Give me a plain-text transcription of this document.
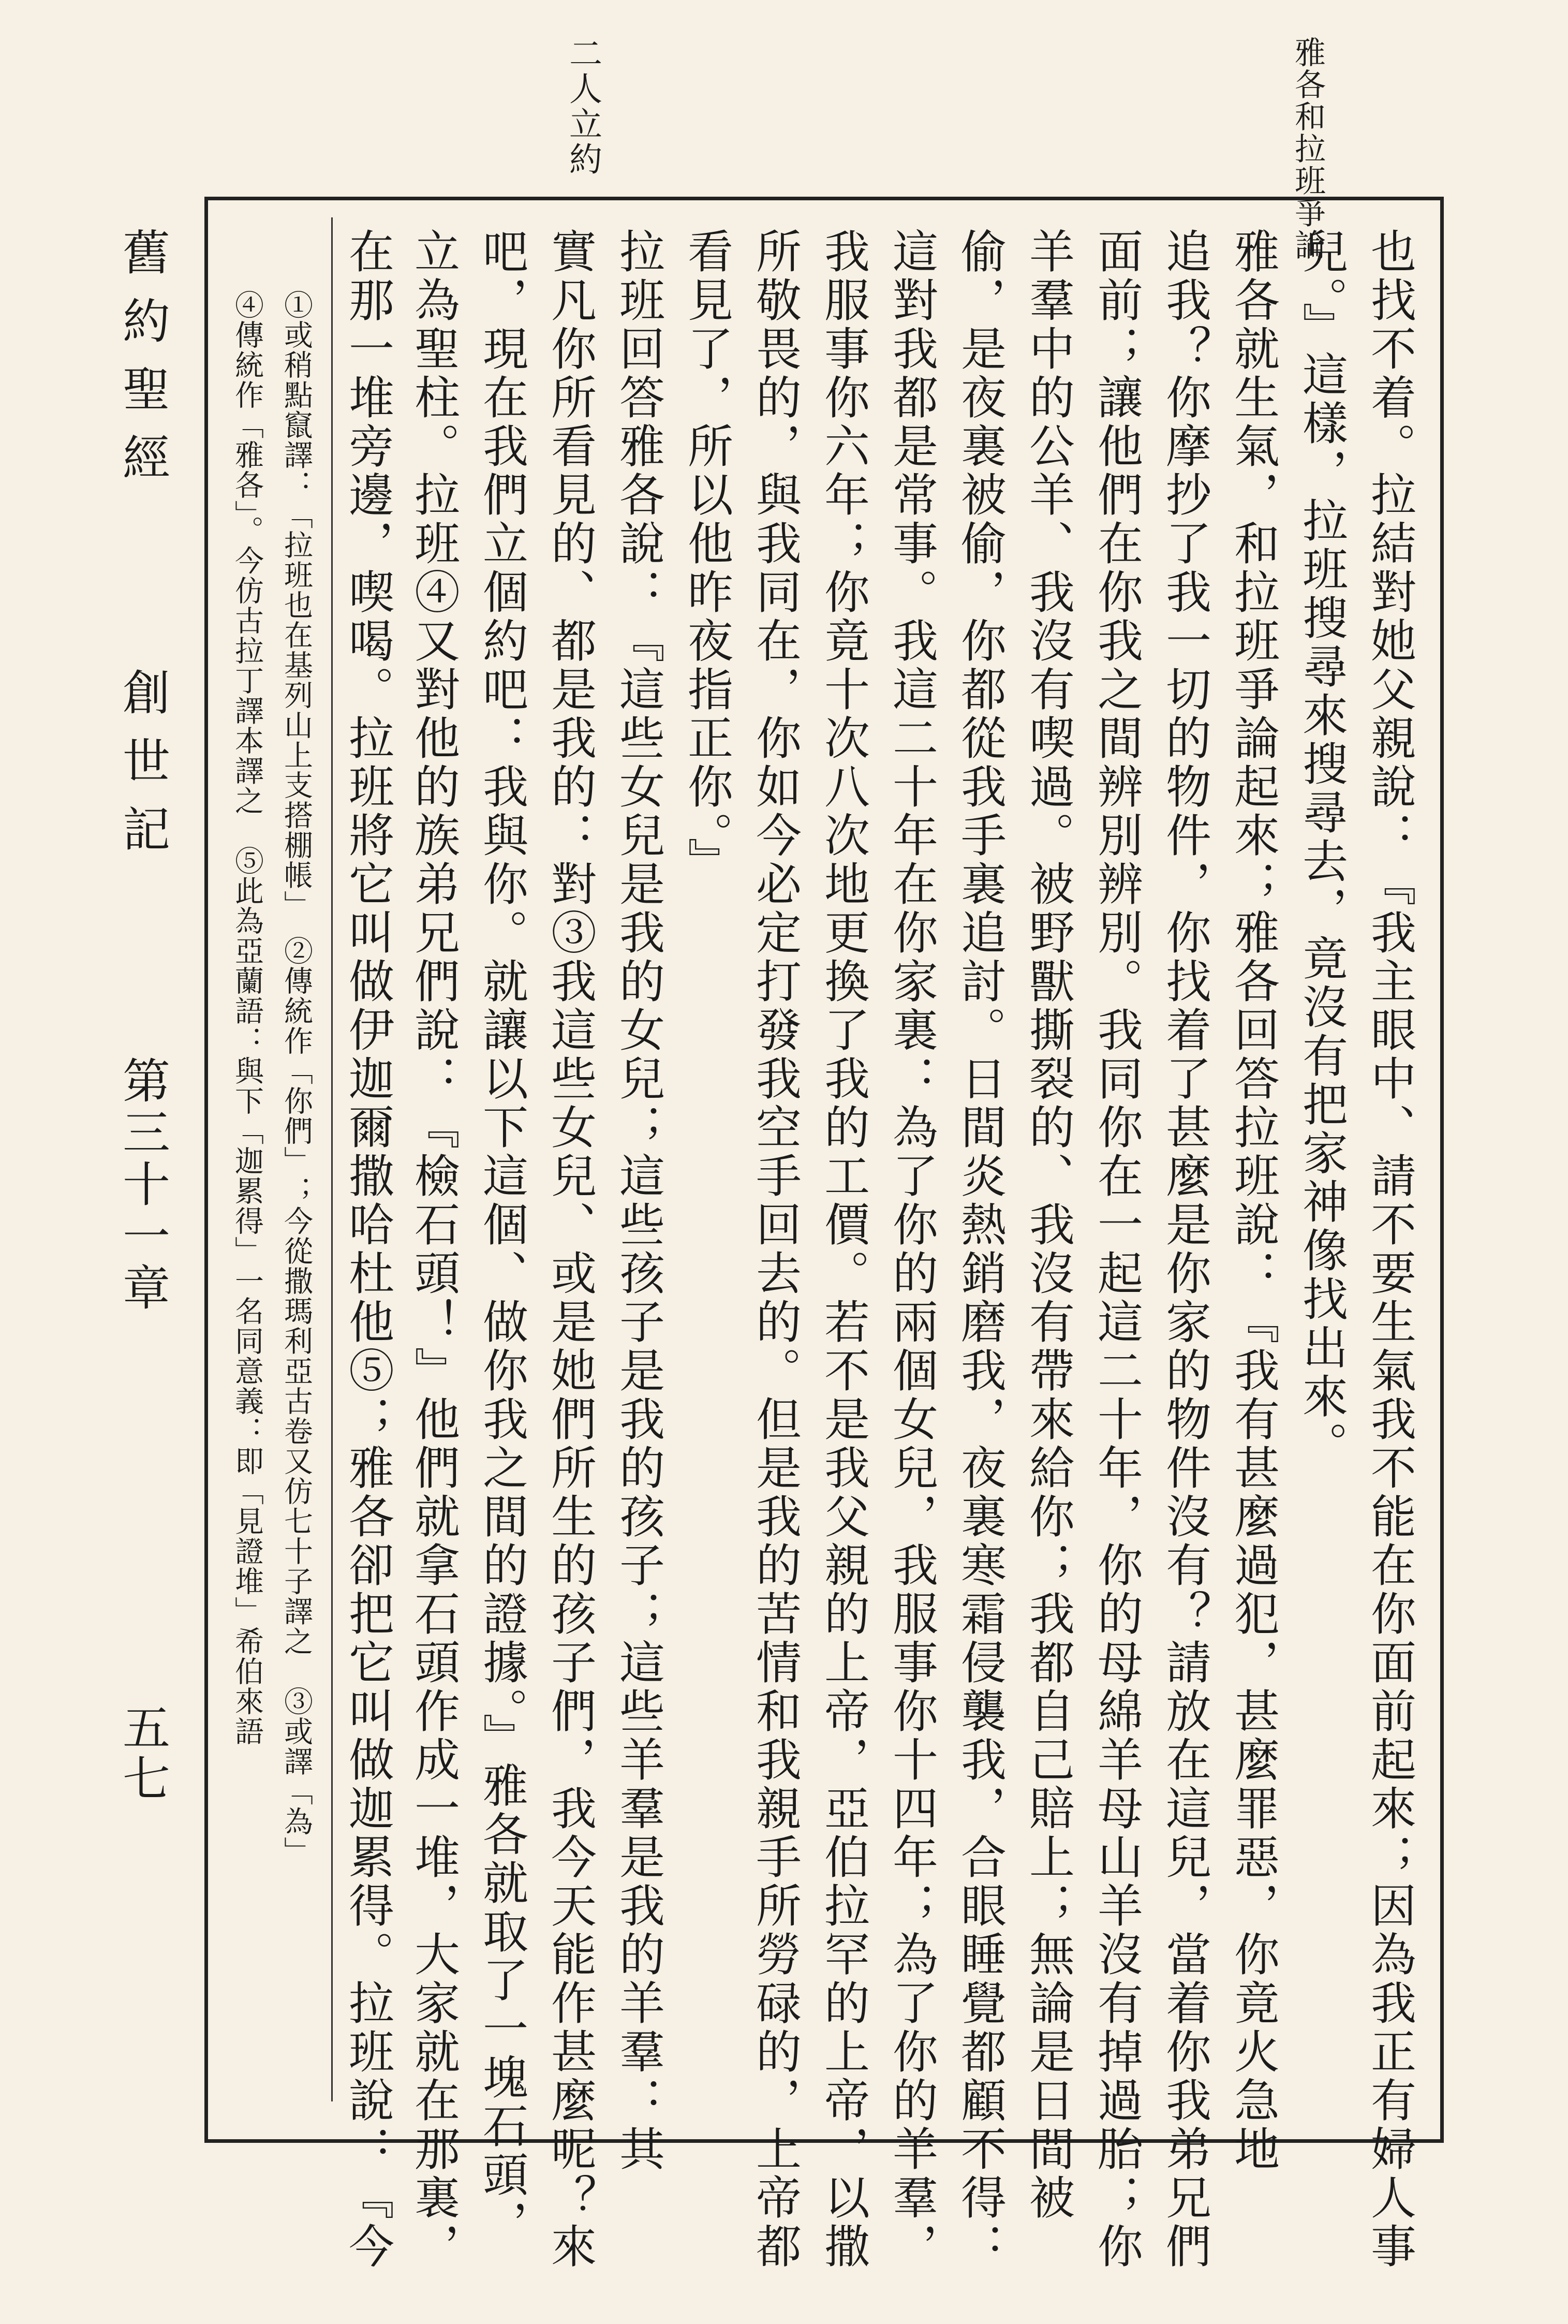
雅各和拉班爭論
二人立約
舊約聖經
創世記
第三十一章
五七	①或稍點竄譯：「拉班也在基列山上支搭棚帳」　②傳統作「你們」；今從撒瑪利亞古卷又仿七十子譯之　③或譯「為」
④傳統作「雅各」。今仿古拉丁譯本譯之　⑤此為亞蘭語：與下「迦累得」一名同意義：即「見證堆」希伯來語	也找不着。拉結對她父親說：『我主眼中、請不要生氣我不能在你面前起來；因為我正有婦人事
兒。』這樣，拉班搜尋來搜尋去，竟沒有把家神像找出來。
雅各就生氣，和拉班爭論起來；雅各回答拉班說：『我有甚麼過犯，甚麼罪惡，你竟火急地
追我？你摩抄了我一切的物件，你找着了甚麼是你家的物件沒有？請放在這兒，當着你我弟兄們
面前；讓他們在你我之間辨別辨別。我同你在一起這二十年，你的母綿羊母山羊沒有掉過胎；你
羊羣中的公羊、我沒有喫過。被野獸撕裂的、我沒有帶來給你；我都自己賠上；無論是日間被
偷，是夜裏被偷，你都從我手裏追討。日間炎熱銷磨我，夜裏寒霜侵襲我，合眼睡覺都顧不得：
這對我都是常事。我這二十年在你家裏：為了你的兩個女兒，我服事你十四年；為了你的羊羣，
我服事你六年；你竟十次八次地更換了我的工價。若不是我父親的上帝，亞伯拉罕的上帝，以撒
所敬畏的，與我同在，你如今必定打發我空手回去的。但是我的苦情和我親手所勞碌的，上帝都
看見了，所以他昨夜指正你。』
拉班回答雅各說：『這些女兒是我的女兒；這些孩子是我的孩子；這些羊羣是我的羊羣：其
實凡你所看見的、都是我的：對③我這些女兒、或是她們所生的孩子們，我今天能作甚麼呢？來
吧，現在我們立個約吧：我與你。就讓以下這個、做你我之間的證據。』雅各就取了一塊石頭，
立為聖柱。拉班④又對他的族弟兄們說：『檢石頭！』他們就拿石頭作成一堆，大家就在那裏，
在那一堆旁邊，喫喝。拉班將它叫做伊迦爾撒哈杜他⑤；雅各卻把它叫做迦累得。拉班說：『今
